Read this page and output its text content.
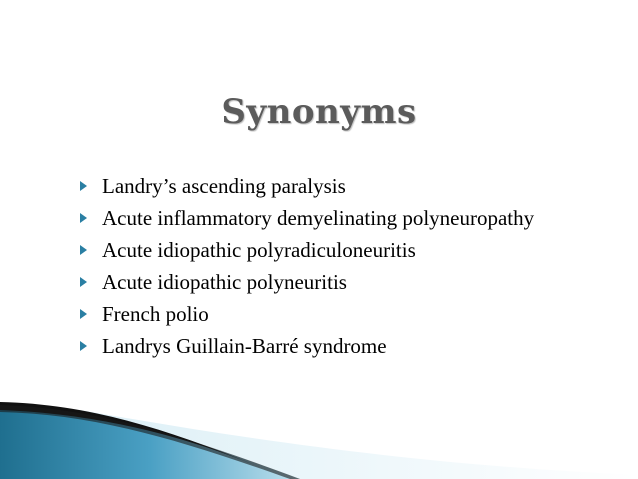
Synonyms
Landry’s ascending paralysis
Acute inflammatory demyelinating polyneuropathy
Acute idiopathic polyradiculoneuritis
Acute idiopathic polyneuritis
French polio
Landrys Guillain-Barré syndrome
